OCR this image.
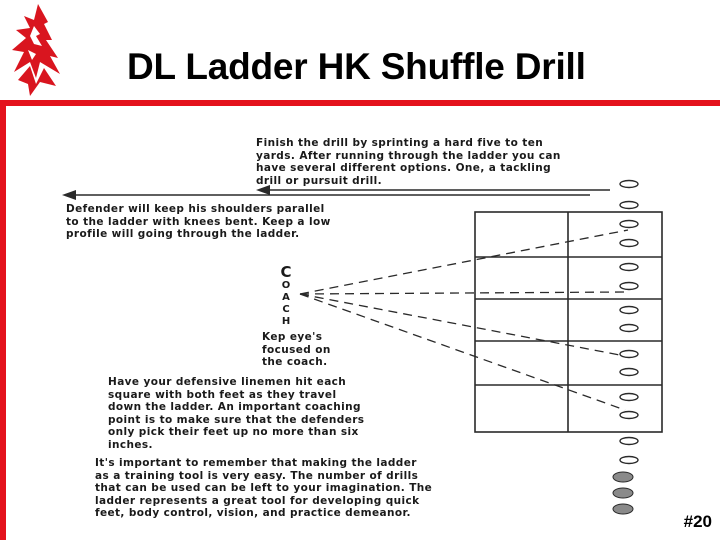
DL Ladder HK Shuffle Drill
Finish the drill by sprinting a hard five to ten
yards. After running through the ladder you can
have several different options. One, a tackling
drill or pursuit drill.
Defender will keep his shoulders parallel
to the ladder with knees bent. Keep a low
profile will going through the ladder.
C
O
A
C
H
Kep eye's
focused on
the coach.
Have your defensive linemen hit each
square with both feet as they travel
down the ladder. An important coaching
point is to make sure that the defenders
only pick their feet up no more than six
inches.
It's important to remember that making the ladder
as a training tool is very easy. The number of drills
that can be used can be left to your imagination. The
ladder represents a great tool for developing quick
feet, body control, vision, and practice demeanor.	#20
